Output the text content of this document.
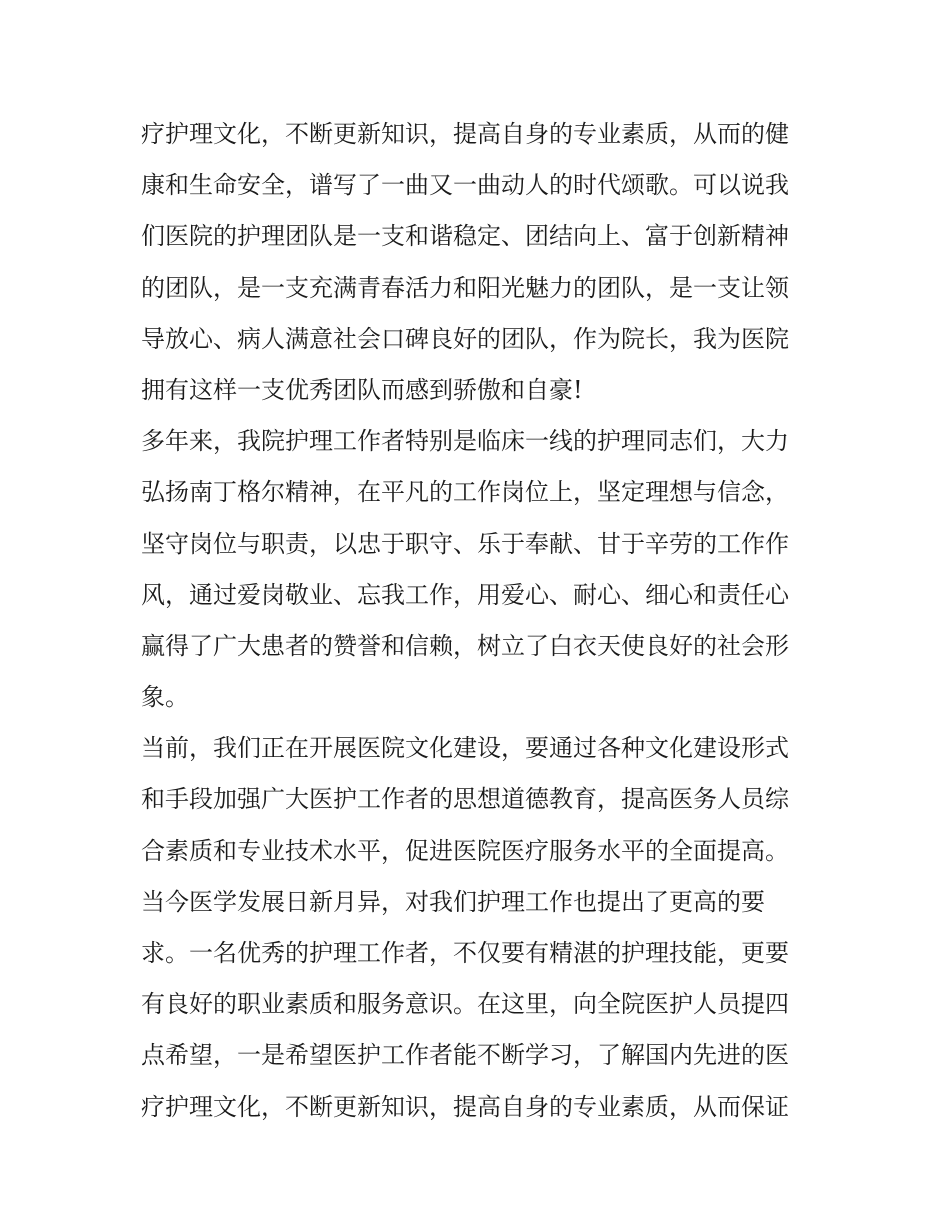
疗护理文化，不断更新知识，提高自身的专业素质，从而的健
康和生命安全，谱写了一曲又一曲动人的时代颂歌。可以说我
们医院的护理团队是一支和谐稳定、团结向上、富于创新精神
的团队，是一支充满青春活力和阳光魅力的团队，是一支让领
导放心、病人满意社会口碑良好的团队，作为院长，我为医院
拥有这样一支优秀团队而感到骄傲和自豪!
多年来，我院护理工作者特别是临床一线的护理同志们，大力
弘扬南丁格尔精神，在平凡的工作岗位上，坚定理想与信念，
坚守岗位与职责，以忠于职守、乐于奉献、甘于辛劳的工作作
风，通过爱岗敬业、忘我工作，用爱心、耐心、细心和责任心
赢得了广大患者的赞誉和信赖，树立了白衣天使良好的社会形
象。
当前，我们正在开展医院文化建设，要通过各种文化建设形式
和手段加强广大医护工作者的思想道德教育，提高医务人员综
合素质和专业技术水平，促进医院医疗服务水平的全面提高。
当今医学发展日新月异，对我们护理工作也提出了更高的要
求。一名优秀的护理工作者，不仅要有精湛的护理技能，更要
有良好的职业素质和服务意识。在这里，向全院医护人员提四
点希望，一是希望医护工作者能不断学习，了解国内先进的医
疗护理文化，不断更新知识，提高自身的专业素质，从而保证
